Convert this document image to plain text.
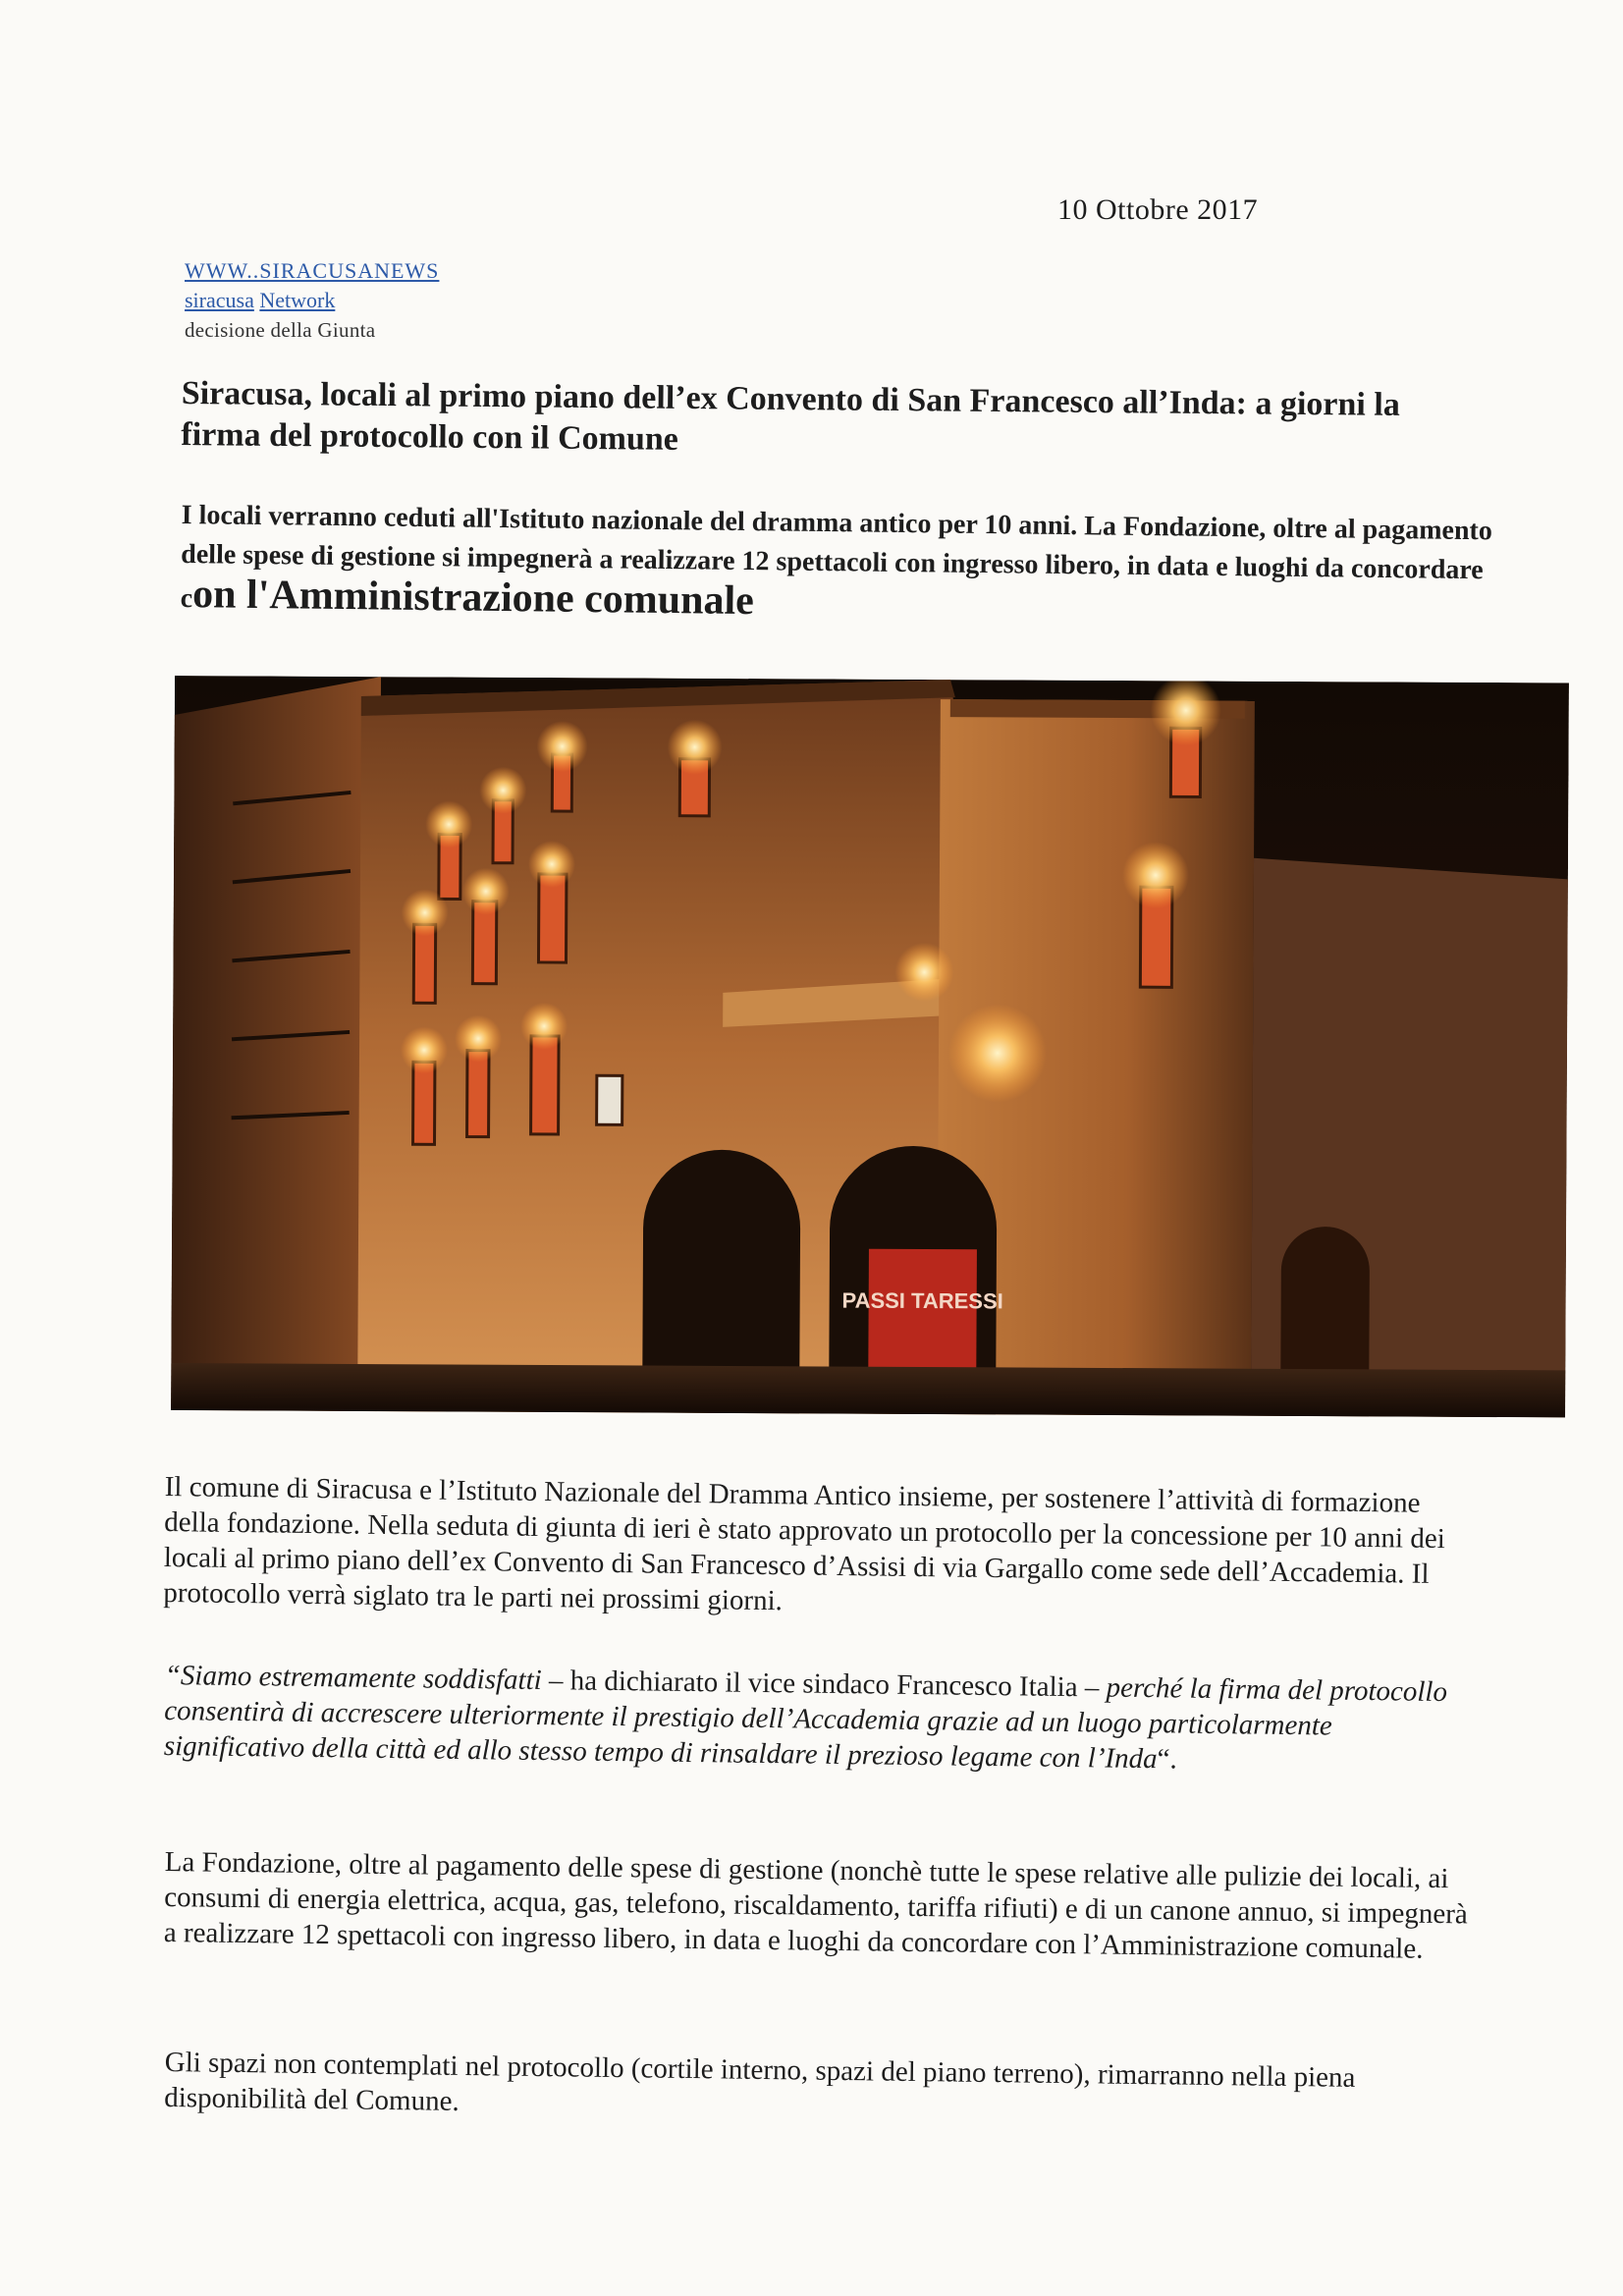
10 Ottobre 2017
WWW..SIRACUSANEWS
siracusa Network
decisione della Giunta
Siracusa, locali al primo piano dell’ex Convento di San Francesco all’Inda: a giorni la firma del protocollo con il Comune

I locali verranno ceduti all'Istituto nazionale del dramma antico per 10 anni. La Fondazione, oltre al pagamento delle spese di gestione si impegnerà a realizzare 12 spettacoli con ingresso libero, in data e luoghi da concordare con l'Amministrazione comunale

PASSI TARESSI

Il comune di Siracusa e l’Istituto Nazionale del Dramma Antico insieme, per sostenere l’attività di formazione della fondazione. Nella seduta di giunta di ieri è stato approvato un protocollo per la concessione per 10 anni dei locali al primo piano dell’ex Convento di San Francesco d’Assisi di via Gargallo come sede dell’Accademia. Il protocollo verrà siglato tra le parti nei prossimi giorni.

“Siamo estremamente soddisfatti – ha dichiarato il vice sindaco Francesco Italia – perché la firma del protocollo consentirà di accrescere ulteriormente il prestigio dell’Accademia grazie ad un luogo particolarmente significativo della città ed allo stesso tempo di rinsaldare il prezioso legame con l’Inda“.

La Fondazione, oltre al pagamento delle spese di gestione (nonchè tutte le spese relative alle pulizie dei locali, ai consumi di energia elettrica, acqua, gas, telefono, riscaldamento, tariffa rifiuti) e di un canone annuo, si impegnerà a realizzare 12 spettacoli con ingresso libero, in data e luoghi da concordare con l’Amministrazione comunale.

Gli spazi non contemplati nel protocollo (cortile interno, spazi del piano terreno), rimarranno nella piena disponibilità del Comune.
